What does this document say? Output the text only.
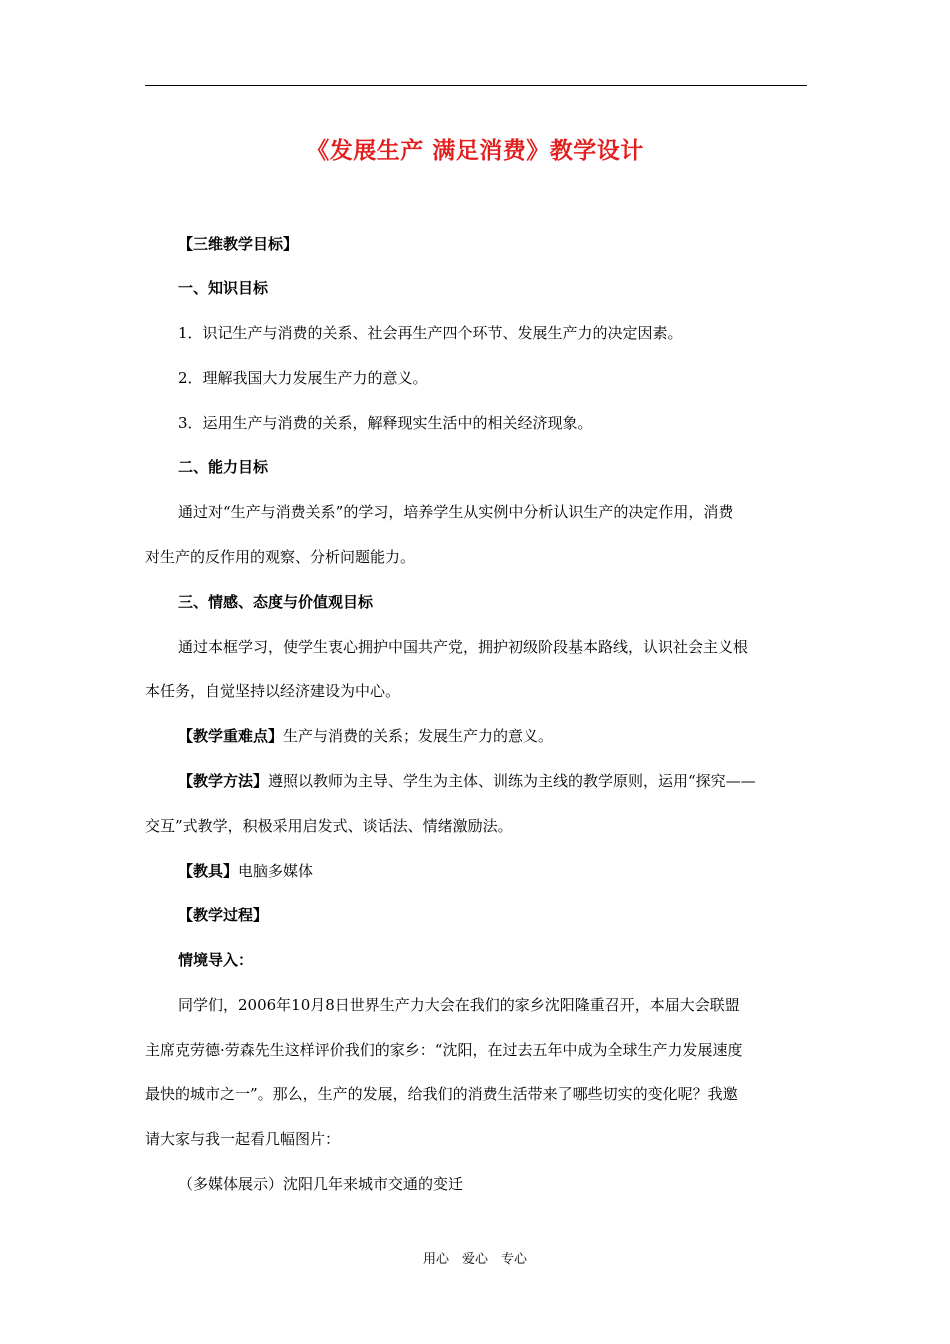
《发展生产 满足消费》教学设计
【三维教学目标】
一、知识目标
1．识记生产与消费的关系、社会再生产四个环节、发展生产力的决定因素。
2．理解我国大力发展生产力的意义。
3．运用生产与消费的关系，解释现实生活中的相关经济现象。
二、能力目标
通过对“生产与消费关系”的学习，培养学生从实例中分析认识生产的决定作用，消费
对生产的反作用的观察、分析问题能力。
三、情感、态度与价值观目标
通过本框学习，使学生衷心拥护中国共产党，拥护初级阶段基本路线，认识社会主义根
本任务，自觉坚持以经济建设为中心。
【教学重难点】生产与消费的关系；发展生产力的意义。
【教学方法】遵照以教师为主导、学生为主体、训练为主线的教学原则，运用“探究——
交互”式教学，积极采用启发式、谈话法、情绪激励法。
【教具】电脑多媒体
【教学过程】
情境导入：
同学们，2006年10月8日世界生产力大会在我们的家乡沈阳隆重召开，本届大会联盟
主席克劳德·劳森先生这样评价我们的家乡：“沈阳，在过去五年中成为全球生产力发展速度
最快的城市之一”。那么，生产的发展，给我们的消费生活带来了哪些切实的变化呢？我邀
请大家与我一起看几幅图片：
（多媒体展示）沈阳几年来城市交通的变迁
用心　爱心　专心
